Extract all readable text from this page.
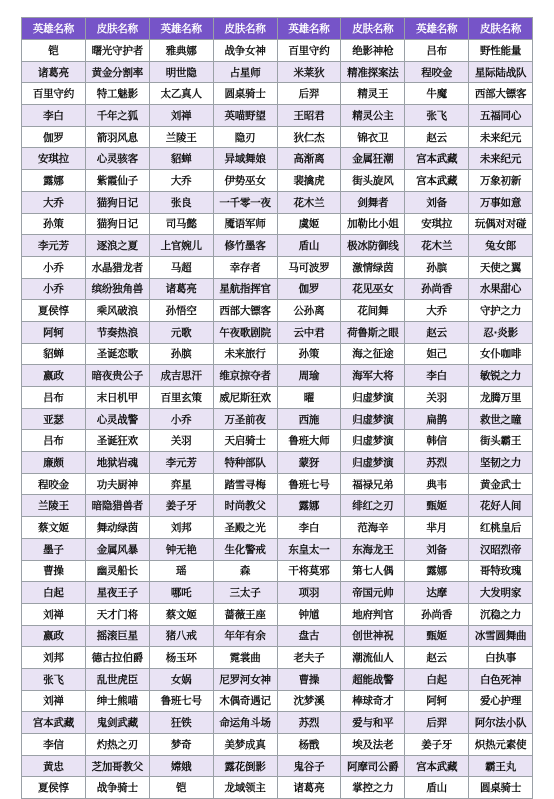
英雄名称	皮肤名称	英雄名称	皮肤名称	英雄名称	皮肤名称	英雄名称	皮肤名称
铠	曙光守护者	雅典娜	战争女神	百里守约	绝影神枪	吕布	野性能量
诸葛亮	黄金分割率	明世隐	占星师	米莱狄	精准探案法	程咬金	星际陆战队
百里守约	特工魅影	太乙真人	圆桌骑士	后羿	精灵王	牛魔	西部大镖客
李白	千年之狐	刘禅	英喵野望	王昭君	精灵公主	张飞	五福同心
伽罗	箭羽风息	兰陵王	隐刃	狄仁杰	锦衣卫	赵云	未来纪元
安琪拉	心灵骇客	貂蝉	异域舞娘	高渐离	金属狂潮	宫本武藏	未来纪元
露娜	紫霞仙子	大乔	伊势巫女	裴擒虎	街头旋风	宫本武藏	万象初新
大乔	猫狗日记	张良	一千零一夜	花木兰	剑舞者	刘备	万事如意
孙策	猫狗日记	司马懿	魇语军师	虞姬	加勒比小姐	安琪拉	玩偶对对碰
李元芳	逐浪之夏	上官婉儿	修竹墨客	盾山	极冰防御线	花木兰	兔女郎
小乔	水晶猎龙者	马超	幸存者	马可波罗	激情绿茵	孙膑	天使之翼
小乔	缤纷独角兽	诸葛亮	星航指挥官	伽罗	花见巫女	孙尚香	水果甜心
夏侯惇	乘风破浪	孙悟空	西部大镖客	公孙离	花间舞	大乔	守护之力
阿轲	节奏热浪	元歌	午夜歌剧院	云中君	荷鲁斯之眼	赵云	忍·炎影
貂蝉	圣诞恋歌	孙膑	未来旅行	孙策	海之征途	妲己	女仆咖啡
嬴政	暗夜贵公子	成吉思汗	维京掠夺者	周瑜	海军大将	李白	敏锐之力
吕布	末日机甲	百里玄策	威尼斯狂欢	曜	归虚梦演	关羽	龙腾万里
亚瑟	心灵战警	小乔	万圣前夜	西施	归虚梦演	扁鹊	救世之瞳
吕布	圣诞狂欢	关羽	天启骑士	鲁班大师	归虚梦演	韩信	街头霸王
廉颇	地狱岩魂	李元芳	特种部队	蒙犽	归虚梦演	苏烈	坚韧之力
程咬金	功夫厨神	弈星	踏雪寻梅	鲁班七号	福禄兄弟	典韦	黄金武士
兰陵王	暗隐猎兽者	姜子牙	时尚教父	露娜	绯红之刃	甄姬	花好人间
蔡文姬	舞动绿茵	刘邦	圣殿之光	李白	范海辛	芈月	红桃皇后
墨子	金属风暴	钟无艳	生化警戒	东皇太一	东海龙王	刘备	汉昭烈帝
曹操	幽灵船长	瑶	森	干将莫邪	第七人偶	露娜	哥特玫瑰
白起	星夜王子	哪吒	三太子	项羽	帝国元帅	达摩	大发明家
刘禅	天才门将	蔡文姬	蔷薇王座	钟馗	地府判官	孙尚香	沉稳之力
嬴政	摇滚巨星	猪八戒	年年有余	盘古	创世神祝	甄姬	冰雪圆舞曲
刘邦	德古拉伯爵	杨玉环	霓裳曲	老夫子	潮流仙人	赵云	白执事
张飞	乱世虎臣	女娲	尼罗河女神	曹操	超能战警	白起	白色死神
刘禅	绅士熊喵	鲁班七号	木偶奇遇记	沈梦溪	棒球奇才	阿轲	爱心护理
宫本武藏	鬼剑武藏	狂铁	命运角斗场	苏烈	爱与和平	后羿	阿尔法小队
李信	灼热之刃	梦奇	美梦成真	杨戬	埃及法老	姜子牙	炽热元素使
黄忠	芝加哥教父	嫦娥	露花倒影	鬼谷子	阿摩司公爵	宫本武藏	霸王丸
夏侯惇	战争骑士	铠	龙域领主	诸葛亮	掌控之力	盾山	圆桌骑士
